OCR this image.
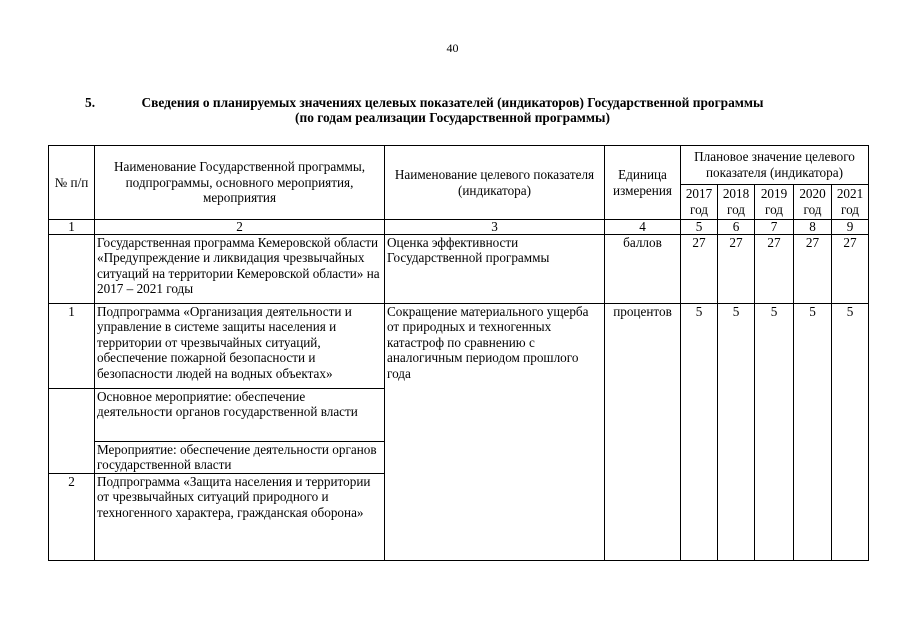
40
5.	Сведения о планируемых значениях целевых показателей (индикаторов) Государственной программы
(по годам реализации Государственной программы)
№ п/п	Наименование Государственной программы, подпрограммы, основного мероприятия, мероприятия	Наименование целевого показателя (индикатора)	Единица измерения	Плановое значение целевого показателя (индикатора)				
				2017 год	2018 год	2019 год	2020 год	2021 год

1	2	3	4	5	6	7	8	9
	Государственная программа Кемеровской области «Предупреждение и ликвидация чрезвычайных ситуаций на территории Кемеровской области» на 2017 – 2021 годы	Оценка эффективности Государственной программы	баллов	27	27	27	27	27
1	Подпрограмма «Организация деятельности и управление в системе защиты населения и территории от чрезвычайных ситуаций, обеспечение пожарной безопасности и безопасности людей на водных объектах»	Сокращение материального ущерба от природных и техногенных катастроф по сравнению с аналогичным периодом прошлого года	процентов	5	5	5	5	5
	Основное мероприятие: обеспечение деятельности органов государственной власти							
	Мероприятие: обеспечение деятельности органов государственной власти							
2	Подпрограмма «Защита населения и территории от чрезвычайных ситуаций природного и техногенного характера, гражданская оборона»							
